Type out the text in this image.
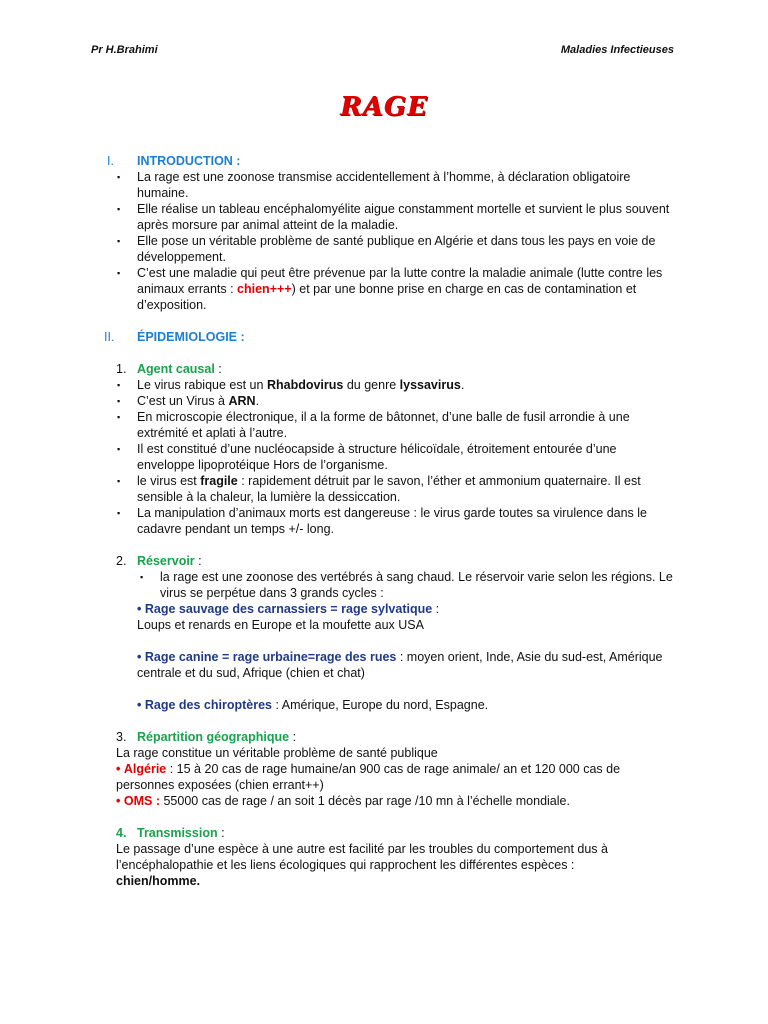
Pr H.Brahimi	Maladies Infectieuses
RAGE
I. INTRODUCTION :
▪ La rage est une zoonose transmise accidentellement à l’homme, à déclaration obligatoire humaine.
▪ Elle réalise un tableau encéphalomyélite aigue constamment mortelle et survient le plus souvent après morsure par animal atteint de la maladie.
▪ Elle pose un véritable problème de santé publique en Algérie et dans tous les pays en voie de développement.
▪ C’est une maladie qui peut être prévenue par la lutte contre la maladie animale (lutte contre les animaux errants : chien+++) et par une bonne prise en charge en cas de contamination et d’exposition.
II. ÉPIDEMIOLOGIE :
1. Agent causal :
▪ Le virus rabique est un Rhabdovirus du genre lyssavirus.
▪ C’est un Virus à ARN.
▪ En microscopie électronique, il a la forme de bâtonnet, d’une balle de fusil arrondie à une extrémité et aplati à l’autre.
▪ Il est constitué d’une nucléocapside à structure hélicoïdale, étroitement entourée d’une enveloppe lipoprotéique Hors de l’organisme.
▪ le virus est fragile : rapidement détruit par le savon, l’éther et ammonium quaternaire. Il est sensible à la chaleur, la lumière la dessiccation.
▪ La manipulation d’animaux morts est dangereuse : le virus garde toutes sa virulence dans le cadavre pendant un temps +/- long.
2. Réservoir :
▪ la rage est une zoonose des vertébrés à sang chaud. Le réservoir varie selon les régions. Le virus se perpétue dans 3 grands cycles :
• Rage sauvage des carnassiers = rage sylvatique :
Loups et renards en Europe et la moufette aux USA
• Rage canine = rage urbaine=rage des rues : moyen orient, Inde, Asie du sud-est, Amérique centrale et du sud, Afrique (chien et chat)
• Rage des chiroptères : Amérique, Europe du nord, Espagne.
3. Répartition géographique :
La rage constitue un véritable problème de santé publique
• Algérie : 15 à 20 cas de rage humaine/an 900 cas de rage animale/ an et 120 000 cas de personnes exposées (chien errant++)
• OMS : 55000 cas de rage / an soit 1 décès par rage /10 mn à l’échelle mondiale.
4. Transmission :
Le passage d’une espèce à une autre est facilité par les troubles du comportement dus à l’encéphalopathie et les liens écologiques qui rapprochent les différentes espèces :
chien/homme.
